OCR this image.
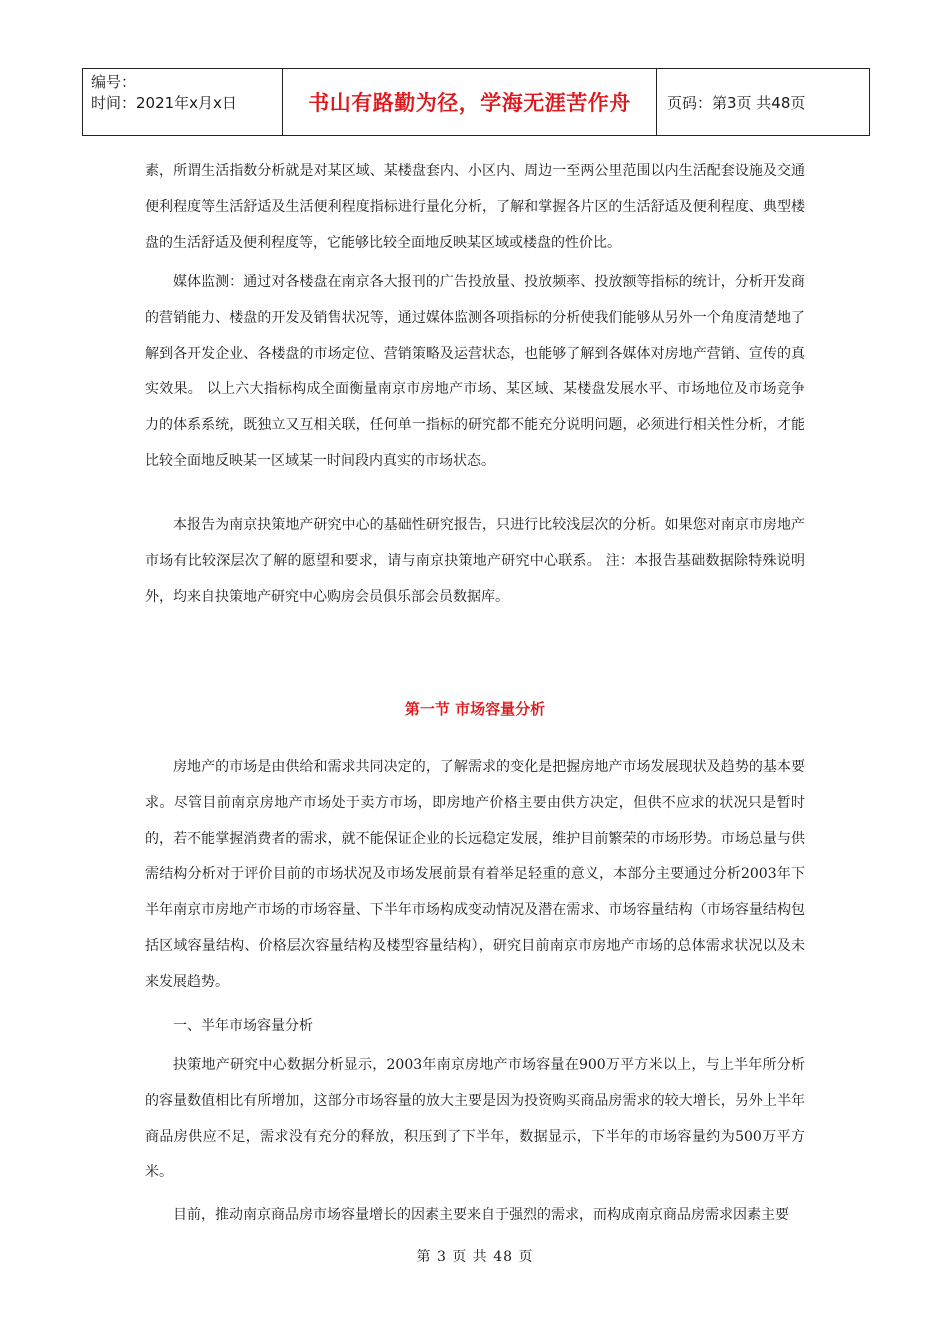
编号：
时间：2021年x月x日	书山有路勤为径，学海无涯苦作舟	页码：第3页 共48页

素，所谓生活指数分析就是对某区域、某楼盘套内、小区内、周边一至两公里范围以内生活配套设施及交通便利程度等生活舒适及生活便利程度指标进行量化分析，了解和掌握各片区的生活舒适及便利程度、典型楼盘的生活舒适及便利程度等，它能够比较全面地反映某区域或楼盘的性价比。

媒体监测：通过对各楼盘在南京各大报刊的广告投放量、投放频率、投放额等指标的统计，分析开发商的营销能力、楼盘的开发及销售状况等，通过媒体监测各项指标的分析使我们能够从另外一个角度清楚地了解到各开发企业、各楼盘的市场定位、营销策略及运营状态，也能够了解到各媒体对房地产营销、宣传的真实效果。 以上六大指标构成全面衡量南京市房地产市场、某区域、某楼盘发展水平、市场地位及市场竞争力的体系系统，既独立又互相关联，任何单一指标的研究都不能充分说明问题，必须进行相关性分析，才能比较全面地反映某一区域某一时间段内真实的市场状态。

本报告为南京抉策地产研究中心的基础性研究报告，只进行比较浅层次的分析。如果您对南京市房地产市场有比较深层次了解的愿望和要求，请与南京抉策地产研究中心联系。 注：本报告基础数据除特殊说明外，均来自抉策地产研究中心购房会员俱乐部会员数据库。

第一节 市场容量分析

房地产的市场是由供给和需求共同决定的，了解需求的变化是把握房地产市场发展现状及趋势的基本要求。尽管目前南京房地产市场处于卖方市场，即房地产价格主要由供方决定，但供不应求的状况只是暂时的，若不能掌握消费者的需求，就不能保证企业的长远稳定发展，维护目前繁荣的市场形势。市场总量与供需结构分析对于评价目前的市场状况及市场发展前景有着举足轻重的意义，本部分主要通过分析2003年下半年南京市房地产市场的市场容量、下半年市场构成变动情况及潜在需求、市场容量结构（市场容量结构包括区域容量结构、价格层次容量结构及楼型容量结构），研究目前南京市房地产市场的总体需求状况以及未来发展趋势。

一、半年市场容量分析

抉策地产研究中心数据分析显示，2003年南京房地产市场容量在900万平方米以上，与上半年所分析的容量数值相比有所增加，这部分市场容量的放大主要是因为投资购买商品房需求的较大增长，另外上半年商品房供应不足，需求没有充分的释放，积压到了下半年，数据显示，下半年的市场容量约为500万平方米。

目前，推动南京商品房市场容量增长的因素主要来自于强烈的需求，而构成南京商品房需求因素主要

第 3 页 共 48 页
